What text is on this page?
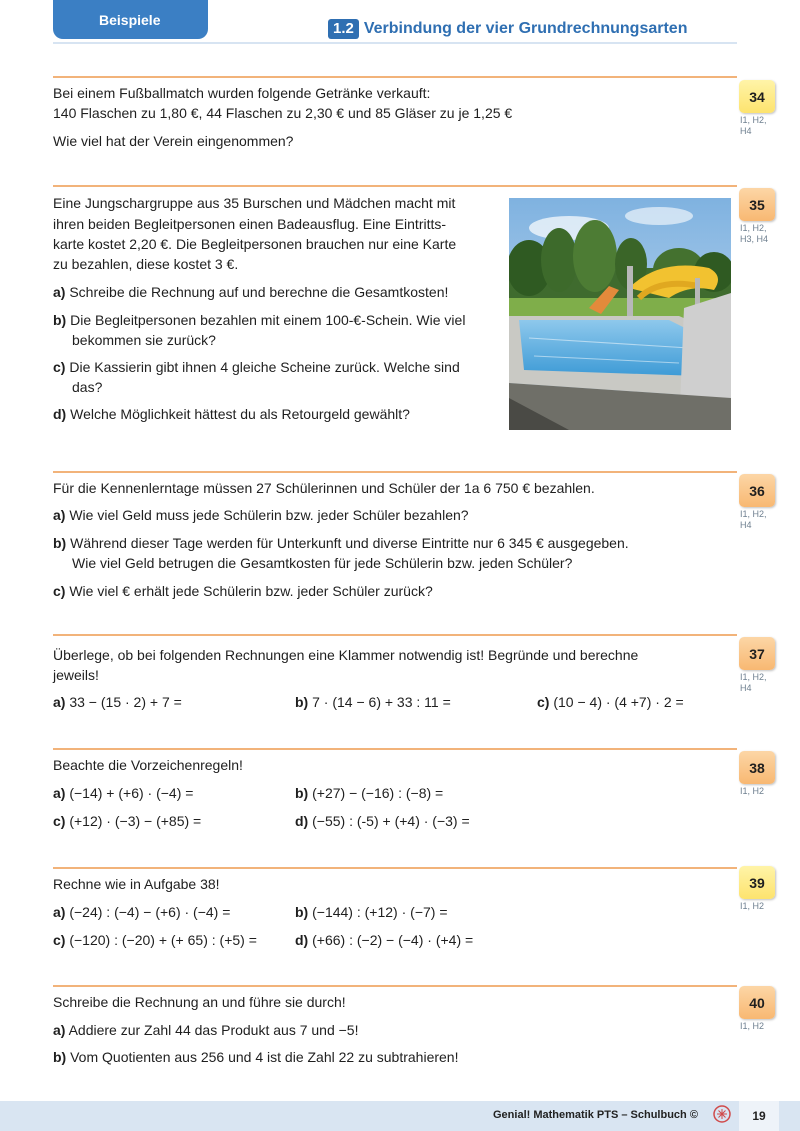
Beispiele
1.2 Verbindung der vier Grundrechnungsarten

Bei einem Fußballmatch wurden folgende Getränke verkauft:

140 Flaschen zu 1,80 €, 44 Flaschen zu 2,30 € und 85 Gläser zu je 1,25 €

Wie viel hat der Verein eingenommen?

34
I1, H2,
H4

Eine Jungschargruppe aus 35 Burschen und Mädchen macht mit

ihren beiden Begleitpersonen einen Badeausflug. Eine Eintritts-

karte kostet 2,20 €. Die Begleitpersonen brauchen nur eine Karte

zu bezahlen, diese kostet 3 €.

a) Schreibe die Rechnung auf und berechne die Gesamtkosten!

b) Die Begleitpersonen bezahlen mit einem 100-€-Schein. Wie viel

bekommen sie zurück?

c) Die Kassierin gibt ihnen 4 gleiche Scheine zurück. Welche sind

das?

d) Welche Möglichkeit hättest du als Retourgeld gewählt?

35
I1, H2,
H3, H4

Für die Kennenlerntage müssen 27 Schülerinnen und Schüler der 1a 6 750 € bezahlen.

a) Wie viel Geld muss jede Schülerin bzw. jeder Schüler bezahlen?

b) Während dieser Tage werden für Unterkunft und diverse Eintritte nur 6 345 € ausgegeben.

Wie viel Geld betrugen die Gesamtkosten für jede Schülerin bzw. jeden Schüler?

c) Wie viel € erhält jede Schülerin bzw. jeder Schüler zurück?

36
I1, H2,
H4

Überlege, ob bei folgenden Rechnungen eine Klammer notwendig ist! Begründe und berechne

jeweils!

a) 33 − (15 · 2) + 7 =	b) 7 · (14 − 6) + 33 : 11 =	c) (10 − 4) · (4 +7) · 2 =

37
I1, H2,
H4

Beachte die Vorzeichenregeln!

a) (−14) + (+6) · (−4) =	b) (+27) − (−16) : (−8) =

c) (+12) · (−3) − (+85) =	d) (−55) : (-5) + (+4) · (−3) =

38
I1, H2

Rechne wie in Aufgabe 38!

a) (−24) : (−4) − (+6) · (−4) =	b) (−144) : (+12) · (−7) =

c) (−120) : (−20) + (+ 65) : (+5) =	d) (+66) : (−2) − (−4) · (+4) =

39
I1, H2

Schreibe die Rechnung an und führe sie durch!

a) Addiere zur Zahl 44 das Produkt aus 7 und −5!

b) Vom Quotienten aus 256 und 4 ist die Zahl 22 zu subtrahieren!

40
I1, H2
Genial! Mathematik PTS – Schulbuch ©	19
